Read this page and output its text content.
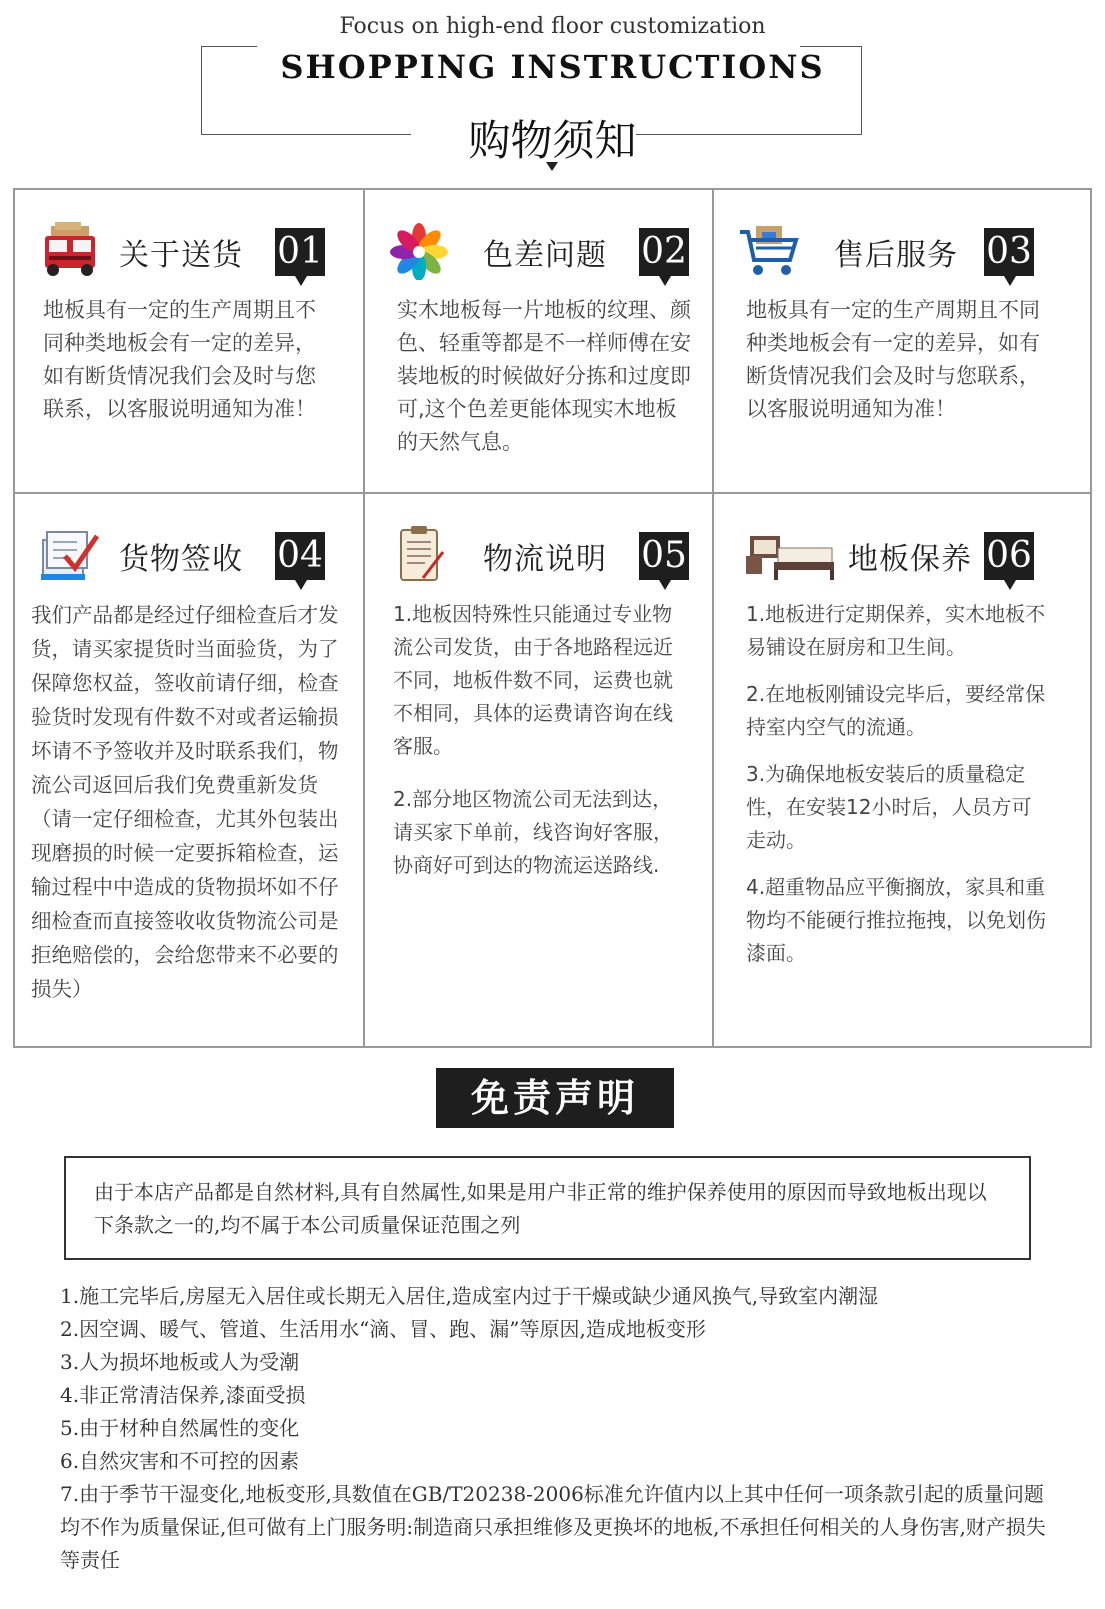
Focus on high-end floor customization
SHOPPING INSTRUCTIONS
购物须知
关于送货 01
地板具有一定的生产周期且不同种类地板会有一定的差异，如有断货情况我们会及时与您联系，以客服说明通知为准！
色差问题 02
实木地板每一片地板的纹理、颜色、轻重等都是不一样师傅在安装地板的时候做好分拣和过度即可,这个色差更能体现实木地板的天然气息。
售后服务 03
地板具有一定的生产周期且不同种类地板会有一定的差异，如有 断货情况我们会及时与您联系，以客服说明通知为准！
货物签收 04
我们产品都是经过仔细检查后才发货，请买家提货时当面验货，为了保障您权益，签收前请仔细，检查验货时发现有件数不对或者运输损坏请不予签收并及时联系我们，物流公司返回后我们免费重新发货（请一定仔细检查，尤其外包装出现磨损的时候一定要拆箱检查，运输过程中中造成的货物损坏如不仔细检查而直接签收收货物流公司是拒绝赔偿的，会给您带来不必要的损失）
物流说明 05
1.地板因特殊性只能通过专业物流公司发货，由于各地路程远近不同，地板件数不同，运费也就不相同，具体的运费请咨询在线客服。
2.部分地区物流公司无法到达，请买家下单前，线咨询好客服，协商好可到达的物流运送路线.
地板保养 06
1.地板进行定期保养，实木地板不易铺设在厨房和卫生间。
2.在地板刚铺设完毕后，要经常保持室内空气的流通。
3.为确保地板安装后的质量稳定性，在安装12小时后，人员方可走动。
4.超重物品应平衡搁放，家具和重物均不能硬行推拉拖拽，以免划伤漆面。
免责声明
由于本店产品都是自然材料,具有自然属性,如果是用户非正常的维护保养使用的原因而导致地板出现以下条款之一的,均不属于本公司质量保证范围之列
1.施工完毕后,房屋无入居住或长期无入居住,造成室内过于干燥或缺少通风换气,导致室内潮湿
2.因空调、暖气、管道、生活用水“滴、冒、跑、漏”等原因,造成地板变形
3.人为损坏地板或人为受潮
4.非正常清洁保养,漆面受损
5.由于材种自然属性的变化
6.自然灾害和不可控的因素
7.由于季节干湿变化,地板变形,具数值在GB/T20238-2006标准允许值内以上其中任何一项条款引起的质量问题均不作为质量保证,但可做有上门服务明:制造商只承担维修及更换坏的地板,不承担任何相关的人身伤害,财产损失等责任
